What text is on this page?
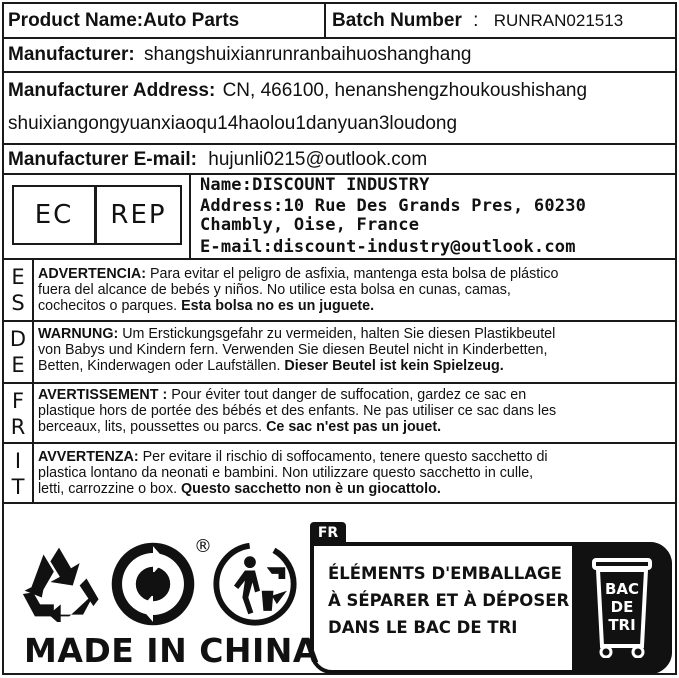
Product Name:Auto Parts	Batch Number : RUNRAN021513
Manufacturer: shangshuixianrunranbaihuoshanghang
Manufacturer Address: CN, 466100, henanshengzhoukoushishang
shuixiangongyuanxiaoqu14haolou1danyuan3loudong
Manufacturer E-mail: hujunli0215@outlook.com
EC	REP
Name:DISCOUNT INDUSTRY
Address:10 Rue Des Grands Pres, 60230
Chambly, Oise, France
E-mail:discount-industry@outlook.com
E
S

ADVERTENCIA: Para evitar el peligro de asfixia, mantenga esta bolsa de plástico

fuera del alcance de bebés y niños. No utilice esta bolsa en cunas, camas,

cochecitos o parques. Esta bolsa no es un juguete.

D
E

WARNUNG: Um Erstickungsgefahr zu vermeiden, halten Sie diesen Plastikbeutel

von Babys und Kindern fern. Verwenden Sie diesen Beutel nicht in Kinderbetten,

Betten, Kinderwagen oder Laufställen. Dieser Beutel ist kein Spielzeug.

F
R

AVERTISSEMENT : Pour éviter tout danger de suffocation, gardez ce sac en

plastique hors de portée des bébés et des enfants. Ne pas utiliser ce sac dans les

berceaux, lits, poussettes ou parcs. Ce sac n'est pas un jouet.

I
T

AVVERTENZA: Per evitare il rischio di soffocamento, tenere questo sacchetto di

plastica lontano da neonati e bambini. Non utilizzare questo sacchetto in culle,

letti, carrozzine o box. Questo sacchetto non è un giocattolo.

®
MADE IN CHINA
FR
ÉLÉMENTS D'EMBALLAGE
À SÉPARER ET À DÉPOSER
DANS LE BAC DE TRI
BAC
DE
TRI
